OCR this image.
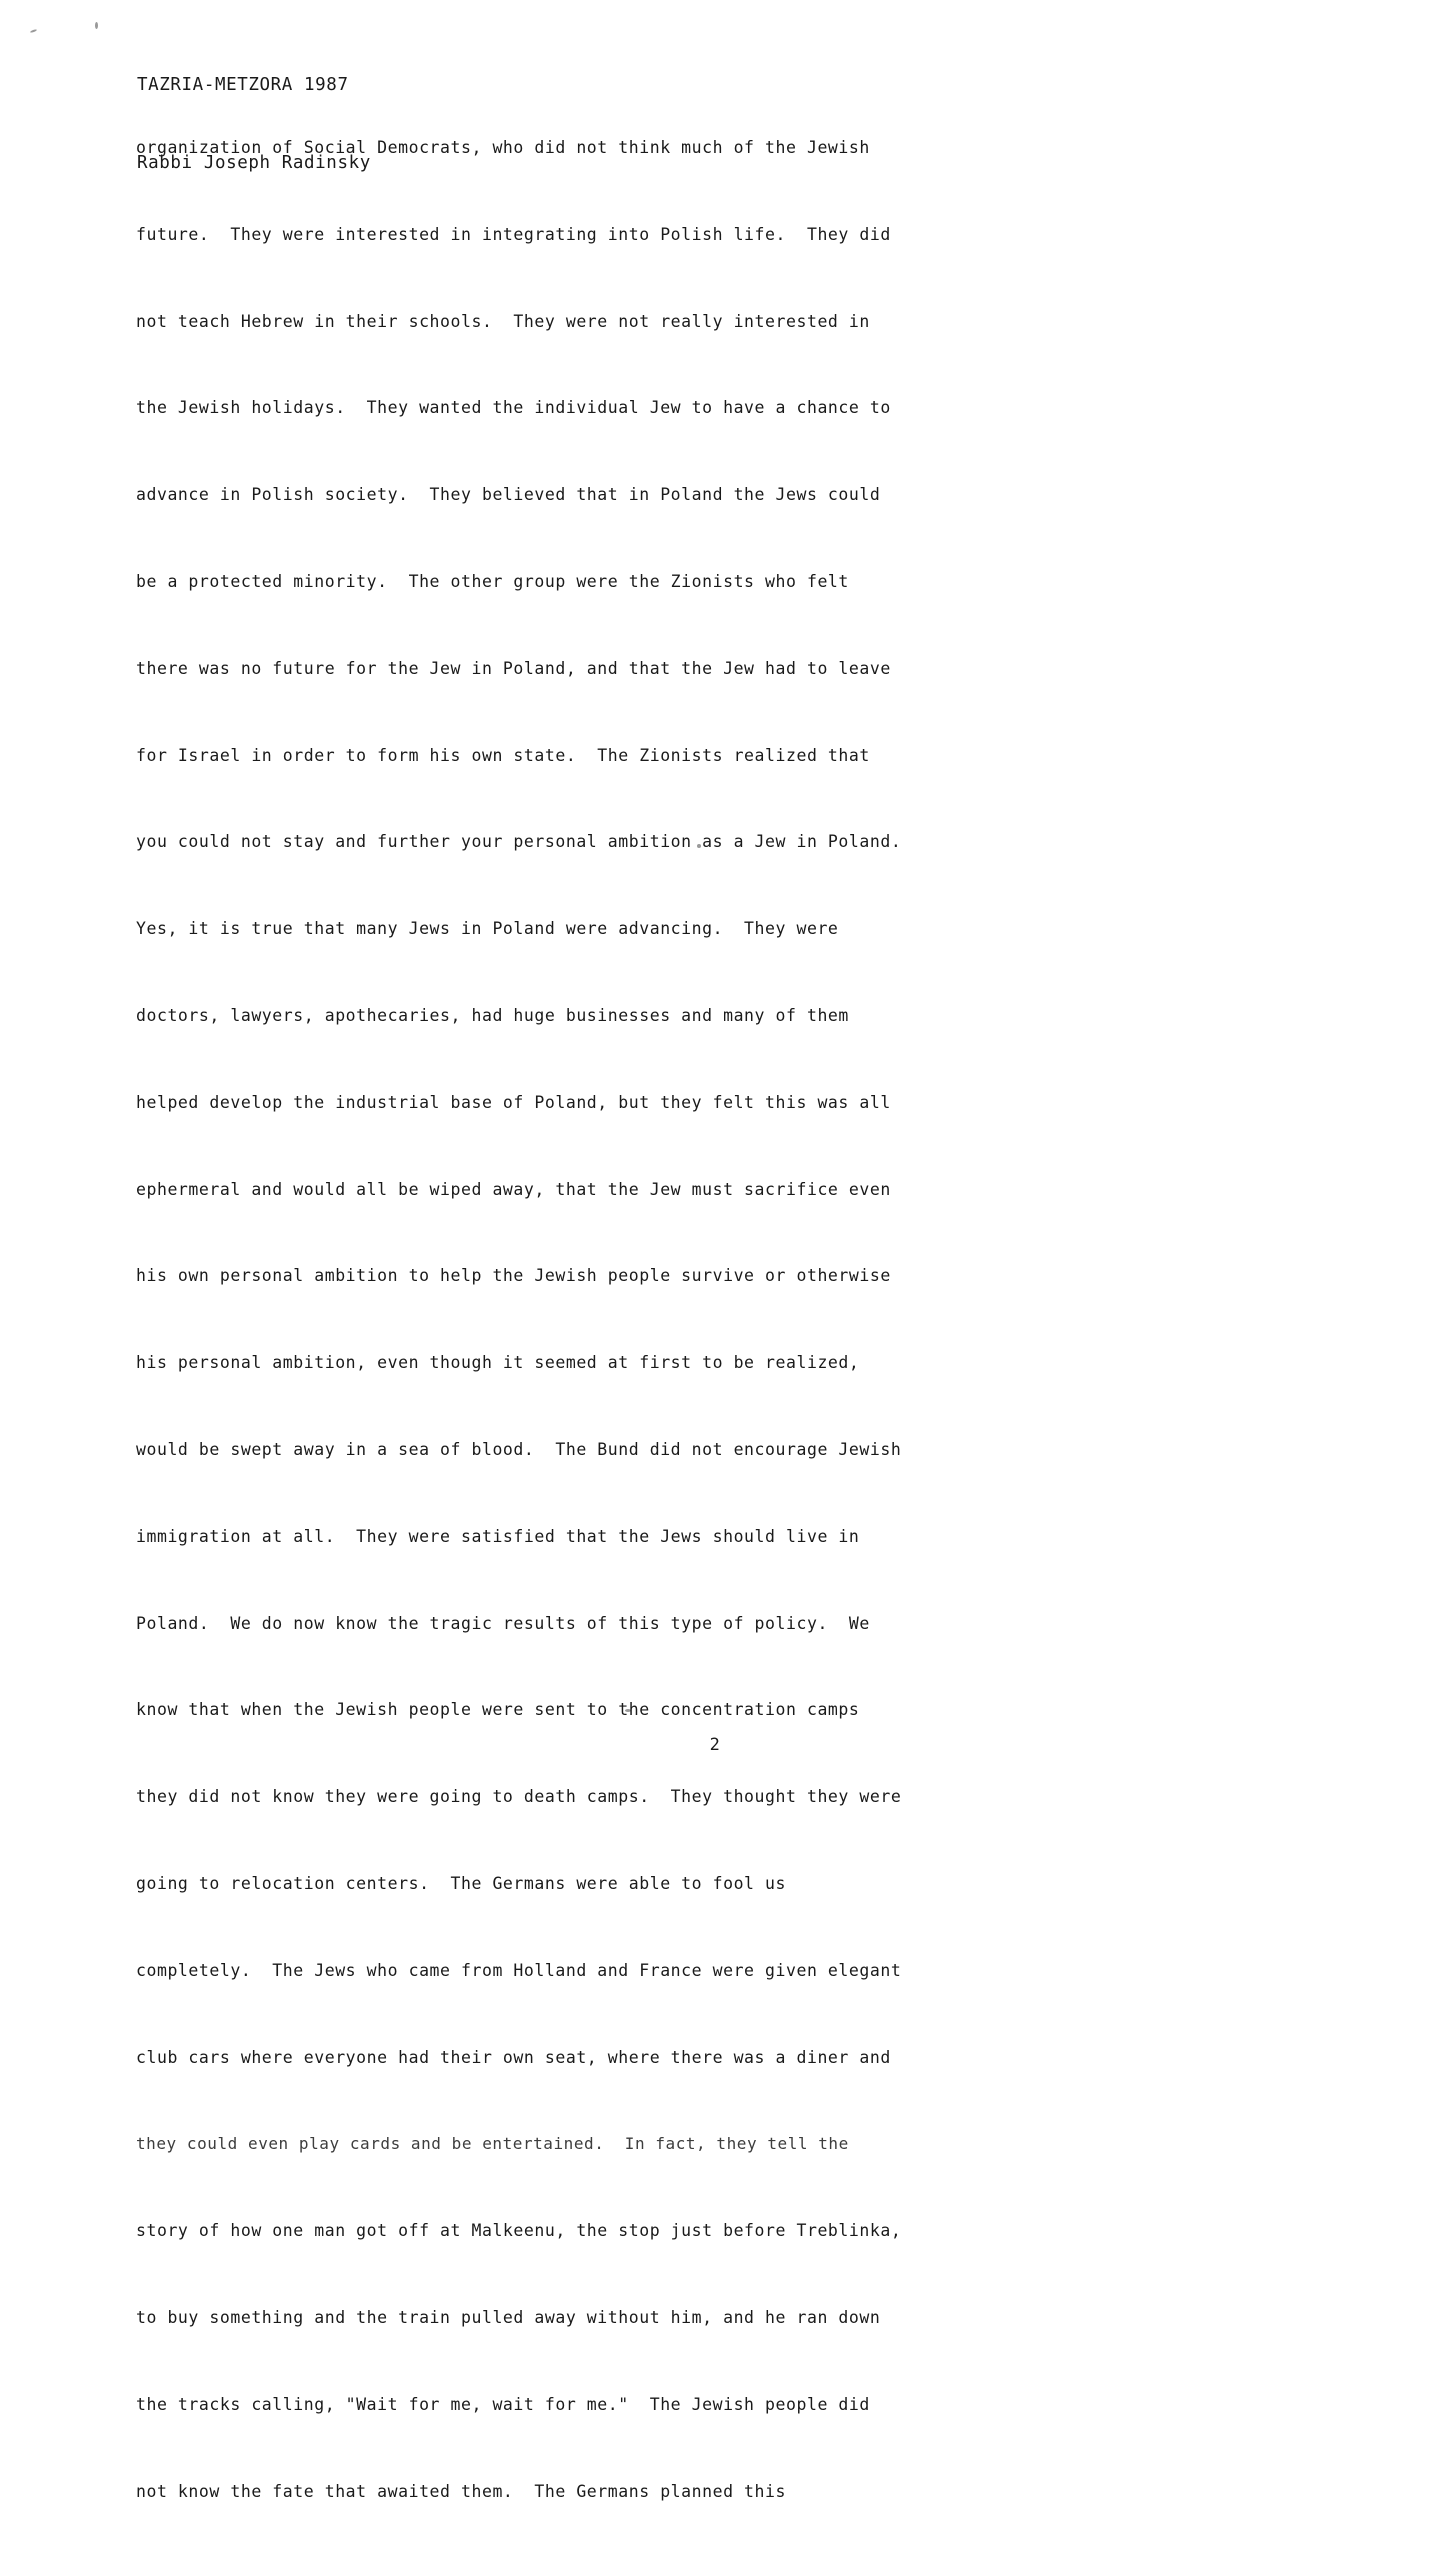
TAZRIA-METZORA 1987

Rabbi Joseph Radinsky

organization of Social Democrats, who did not think much of the Jewish

future.  They were interested in integrating into Polish life.  They did

not teach Hebrew in their schools.  They were not really interested in

the Jewish holidays.  They wanted the individual Jew to have a chance to

advance in Polish society.  They believed that in Poland the Jews could

be a protected minority.  The other group were the Zionists who felt

there was no future for the Jew in Poland, and that the Jew had to leave

for Israel in order to form his own state.  The Zionists realized that

you could not stay and further your personal ambition as a Jew in Poland.

Yes, it is true that many Jews in Poland were advancing.  They were

doctors, lawyers, apothecaries, had huge businesses and many of them

helped develop the industrial base of Poland, but they felt this was all

ephermeral and would all be wiped away, that the Jew must sacrifice even

his own personal ambition to help the Jewish people survive or otherwise

his personal ambition, even though it seemed at first to be realized,

would be swept away in a sea of blood.  The Bund did not encourage Jewish

immigration at all.  They were satisfied that the Jews should live in

Poland.  We do now know the tragic results of this type of policy.  We

know that when the Jewish people were sent to the concentration camps

they did not know they were going to death camps.  They thought they were

going to relocation centers.  The Germans were able to fool us

completely.  The Jews who came from Holland and France were given elegant

club cars where everyone had their own seat, where there was a diner and

they could even play cards and be entertained.  In fact, they tell the

story of how one man got off at Malkeenu, the stop just before Treblinka,

to buy something and the train pulled away without him, and he ran down

the tracks calling, "Wait for me, wait for me."  The Jewish people did

not know the fate that awaited them.  The Germans planned this

2
